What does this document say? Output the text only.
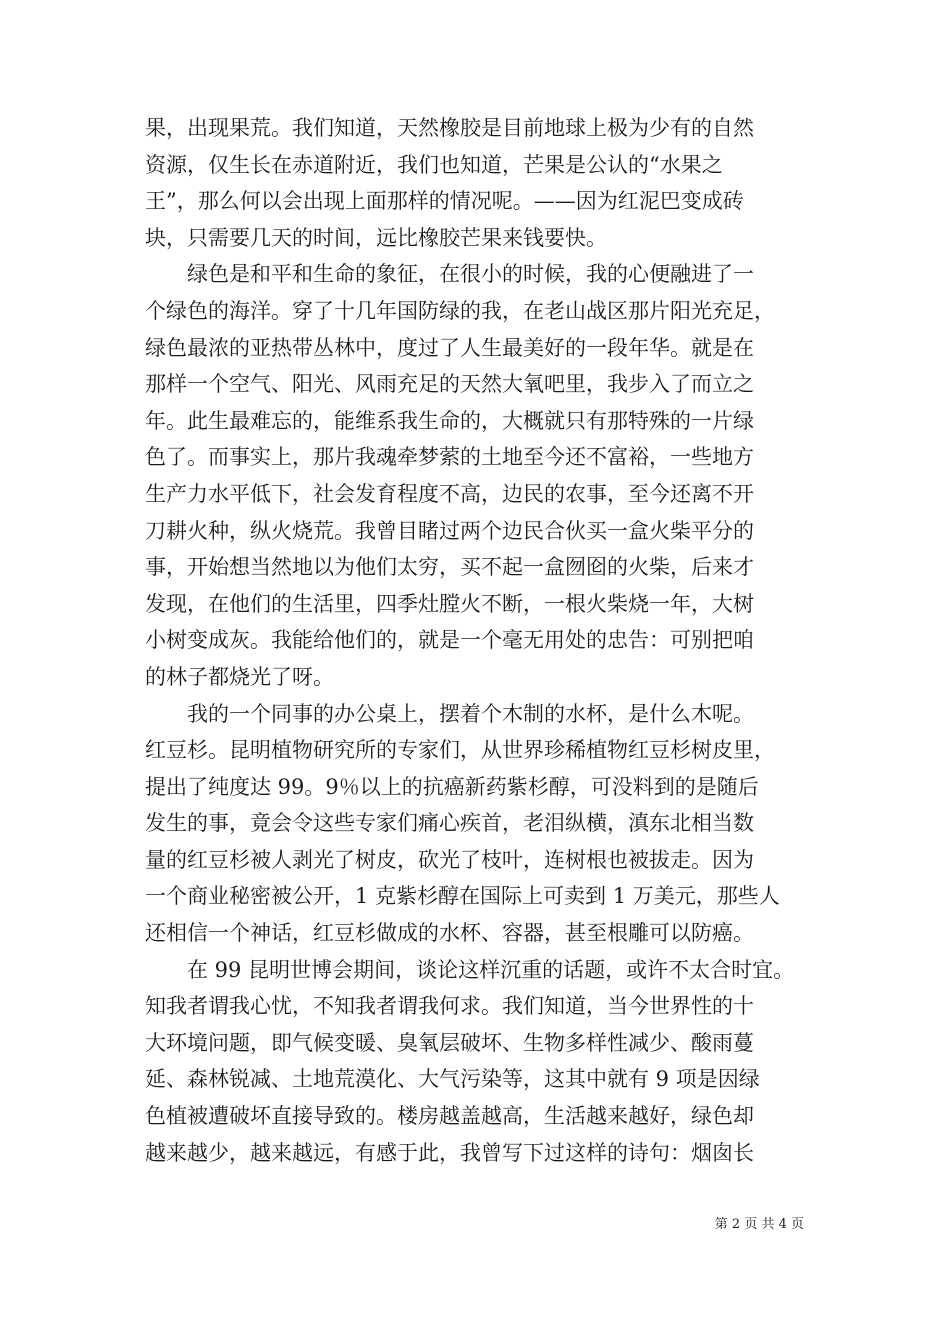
果，出现果荒。我们知道，天然橡胶是目前地球上极为少有的自然
资源，仅生长在赤道附近，我们也知道，芒果是公认的“水果之
王”，那么何以会出现上面那样的情况呢。——因为红泥巴变成砖
块，只需要几天的时间，远比橡胶芒果来钱要快。
绿色是和平和生命的象征，在很小的时候，我的心便融进了一
个绿色的海洋。穿了十几年国防绿的我，在老山战区那片阳光充足，
绿色最浓的亚热带丛林中，度过了人生最美好的一段年华。就是在
那样一个空气、阳光、风雨充足的天然大氧吧里，我步入了而立之
年。此生最难忘的，能维系我生命的，大概就只有那特殊的一片绿
色了。而事实上，那片我魂牵梦萦的土地至今还不富裕，一些地方
生产力水平低下，社会发育程度不高，边民的农事，至今还离不开
刀耕火种，纵火烧荒。我曾目睹过两个边民合伙买一盒火柴平分的
事，开始想当然地以为他们太穷，买不起一盒囫囵的火柴，后来才
发现，在他们的生活里，四季灶膛火不断，一根火柴烧一年，大树
小树变成灰。我能给他们的，就是一个毫无用处的忠告：可别把咱
的林子都烧光了呀。
我的一个同事的办公桌上，摆着个木制的水杯，是什么木呢。
红豆杉。昆明植物研究所的专家们，从世界珍稀植物红豆杉树皮里，
提出了纯度达 99。9％以上的抗癌新药紫杉醇，可没料到的是随后
发生的事，竟会令这些专家们痛心疾首，老泪纵横，滇东北相当数
量的红豆杉被人剥光了树皮，砍光了枝叶，连树根也被拔走。因为
一个商业秘密被公开，1 克紫杉醇在国际上可卖到 1 万美元，那些人
还相信一个神话，红豆杉做成的水杯、容器，甚至根雕可以防癌。
在 99 昆明世博会期间，谈论这样沉重的话题，或许不太合时宜。
知我者谓我心忧，不知我者谓我何求。我们知道，当今世界性的十
大环境问题，即气候变暖、臭氧层破坏、生物多样性减少、酸雨蔓
延、森林锐减、土地荒漠化、大气污染等，这其中就有 9 项是因绿
色植被遭破坏直接导致的。楼房越盖越高，生活越来越好，绿色却
越来越少，越来越远，有感于此，我曾写下过这样的诗句：烟囱长
第 2 页 共 4 页
